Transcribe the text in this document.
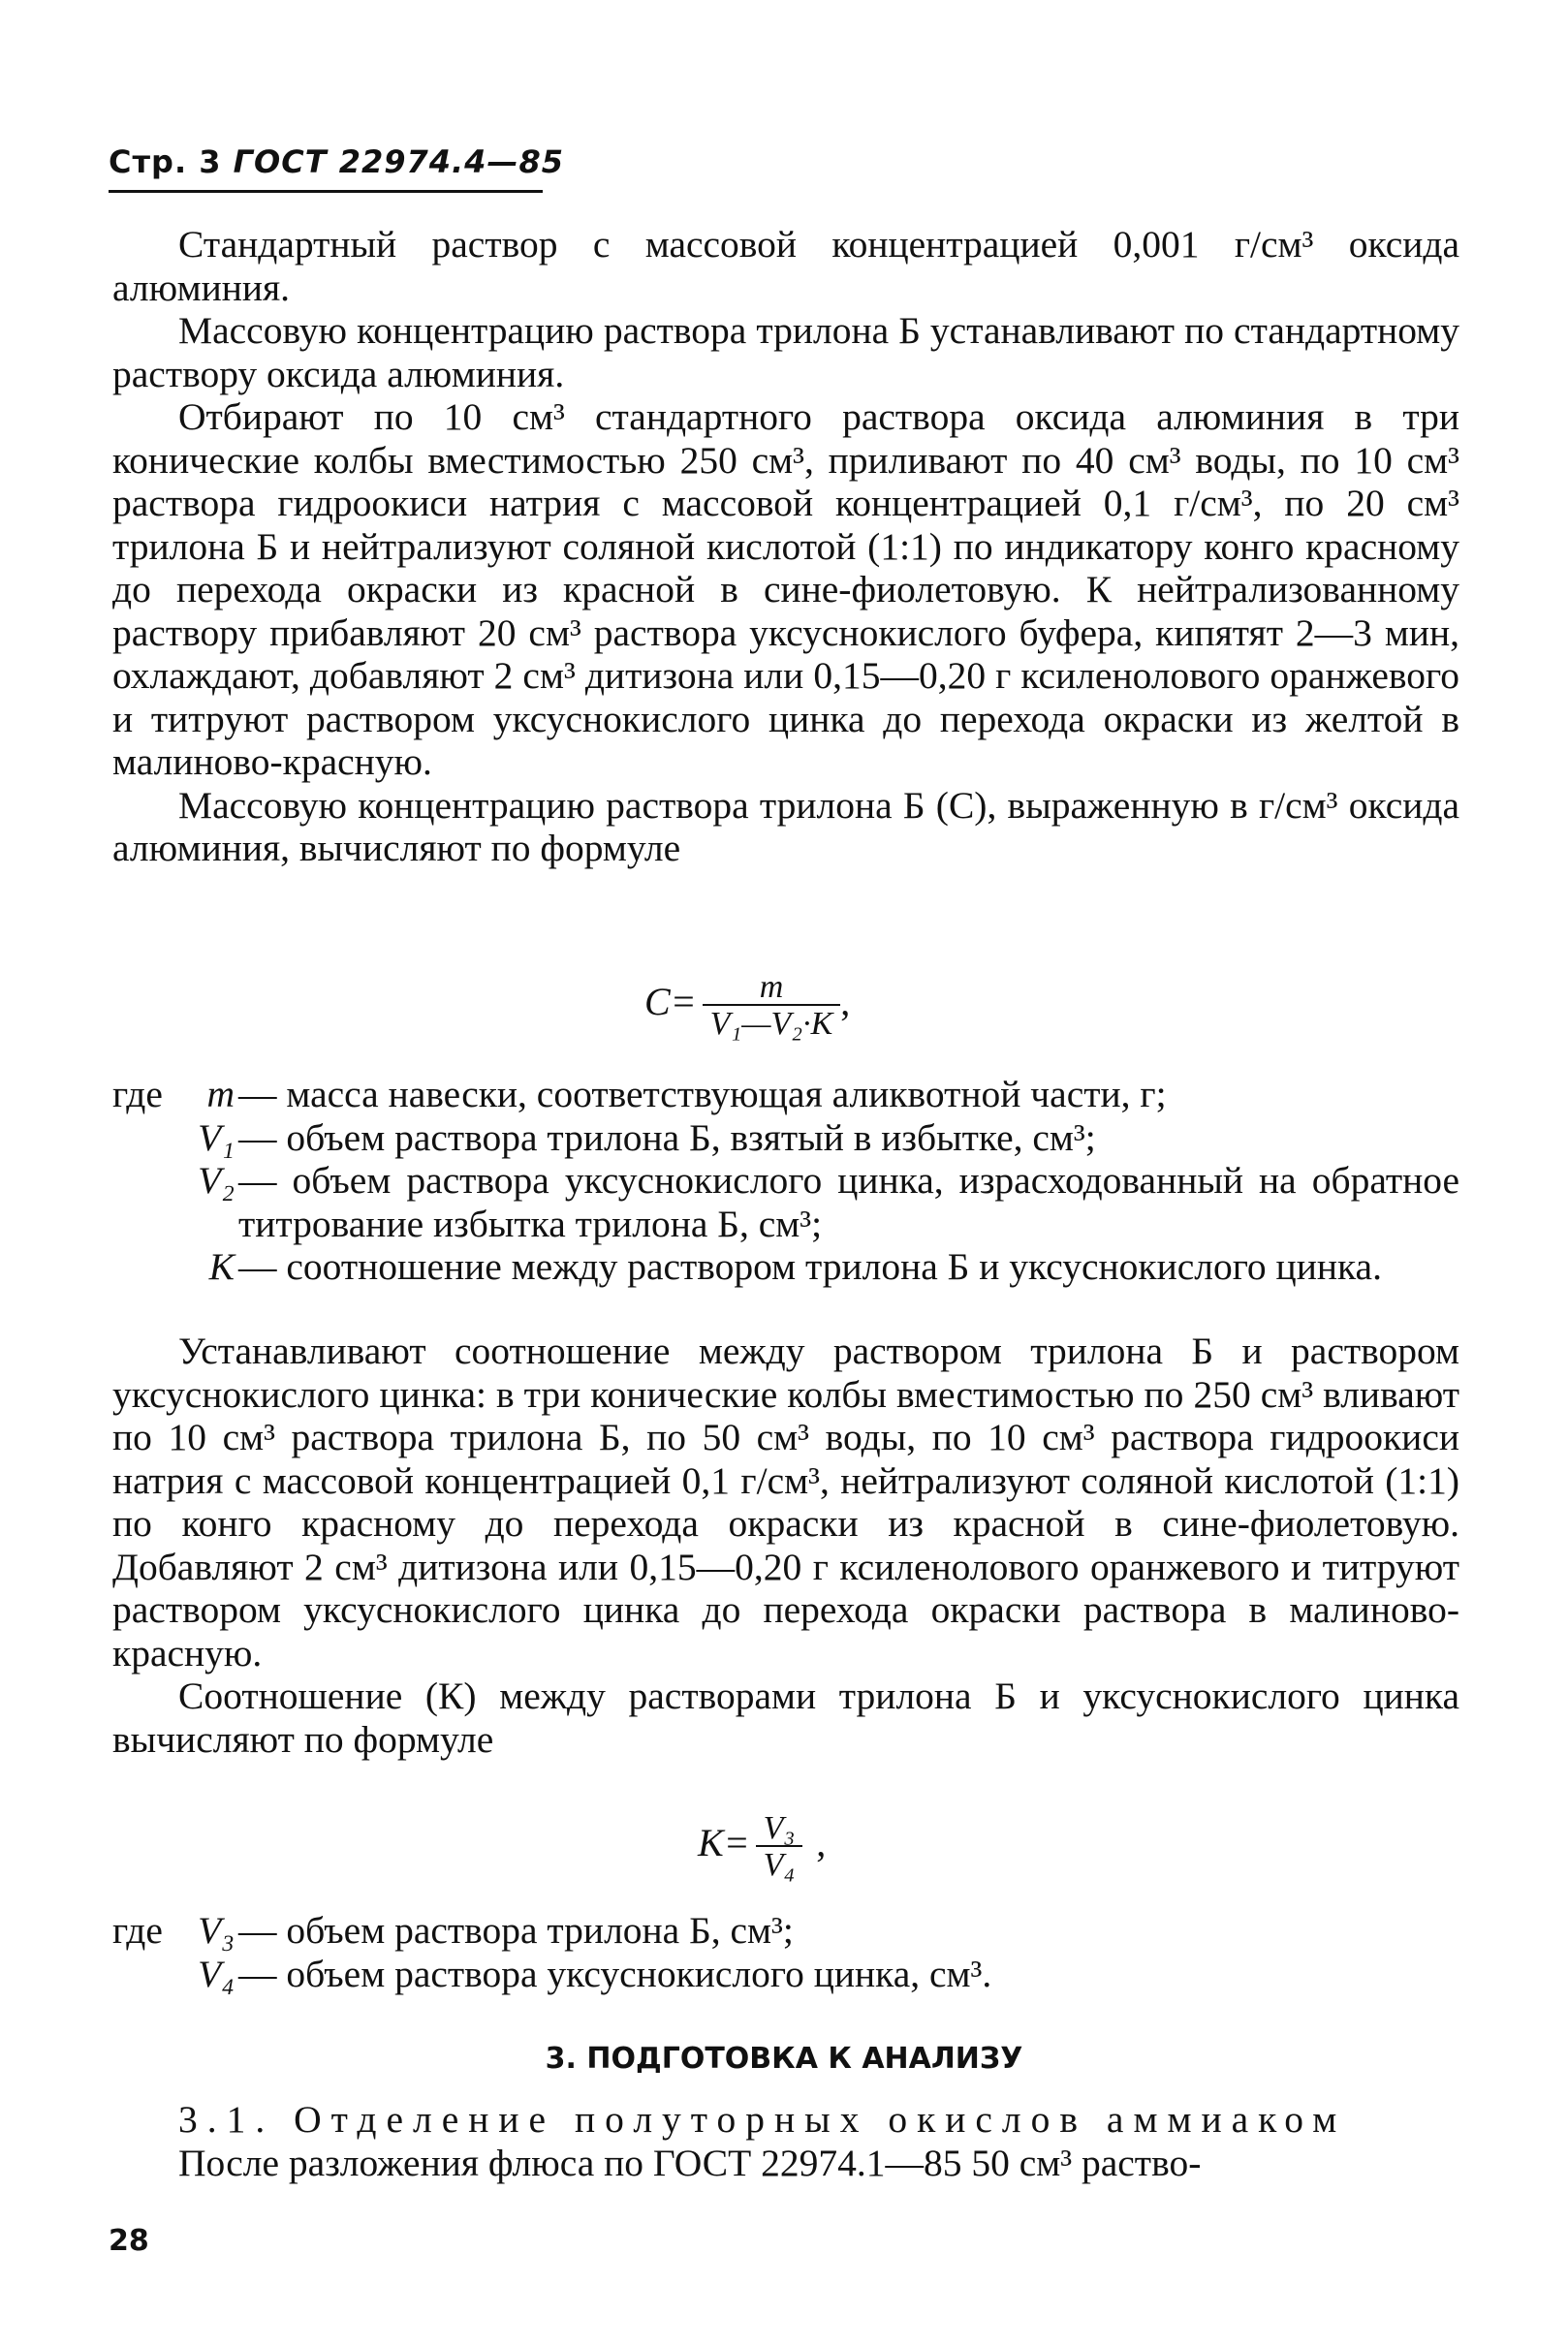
Стр. 3 ГОСТ 22974.4—85

Стандартный раствор с массовой концентрацией 0,001 г/см³ оксида алюминия.

Массовую концентрацию раствора трилона Б устанавливают по стандартному раствору оксида алюминия.

Отбирают по 10 см³ стандартного раствора оксида алюминия в три конические колбы вместимостью 250 см³, приливают по 40 см³ воды, по 10 см³ раствора гидроокиси натрия с массовой концентрацией 0,1 г/см³, по 20 см³ трилона Б и нейтрализуют соляной кислотой (1:1) по индикатору конго красному до перехода окраски из красной в сине-фиолетовую. К нейтрализованному раствору прибавляют 20 см³ раствора уксуснокислого буфера, кипятят 2—3 мин, охлаждают, добавляют 2 см³ дитизона или 0,15—0,20 г ксиленолового оранжевого и титруют раствором уксуснокислого цинка до перехода окраски из желтой в малиново-красную.

Массовую концентрацию раствора трилона Б (С), выраженную в г/см³ оксида алюминия, вычисляют по формуле

$C= \frac{m}{\text{V₁—V₂·K}}$ ,
где	m — масса навески, соответствующая аликвотной части, г;
V₁ — объем раствора трилона Б, взятый в избытке, см³;
V₂ — объем раствора уксуснокислого цинка, израсходованный на обратное титрование избытка трилона Б, см³;
K — соотношение между раствором трилона Б и уксуснокислого цинка.

Устанавливают соотношение между раствором трилона Б и раствором уксуснокислого цинка: в три конические колбы вместимостью по 250 см³ вливают по 10 см³ раствора трилона Б, по 50 см³ воды, по 10 см³ раствора гидроокиси натрия с массовой концентрацией 0,1 г/см³, нейтрализуют соляной кислотой (1:1) по конго красному до перехода окраски из красной в сине-фиолетовую. Добавляют 2 см³ дитизона или 0,15—0,20 г ксиленолового оранжевого и титруют раствором уксуснокислого цинка до перехода окраски раствора в малиново-красную.

Соотношение (К) между растворами трилона Б и уксуснокислого цинка вычисляют по формуле

$K= \frac{\text{V₃}}{\text{V₄}}$ ,
где V₃ — объем раствора трилона Б, см³;
V₄ — объем раствора уксуснокислого цинка, см³.
3. ПОДГОТОВКА К АНАЛИЗУ

3.1. Отделение полуторных окислов аммиаком

После разложения флюса по ГОСТ 22974.1—85 50 см³ раство-

28
